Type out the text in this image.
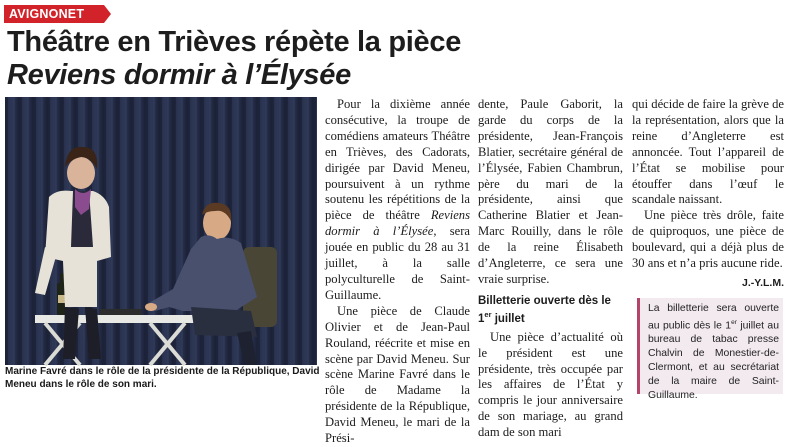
AVIGNONET
Théâtre en Trièves répète la pièce
Reviens dormir à l’Élysée
Marine Favré dans le rôle de la présidente de la République, David Meneu dans le rôle de son mari.

Pour la dixième année consécutive, la troupe de comédiens amateurs Théâtre en Trièves, des Cadorats, dirigée par David Meneu, poursuivent à un rythme soutenu les répétitions de la pièce de théâtre Reviens dormir à l’Élysée, sera jouée en public du 28 au 31 juillet, à la salle polyculturelle de Saint-Guillaume.

Une pièce de Claude Olivier et de Jean-Paul Rouland, réécrite et mise en scène par David Meneu. Sur scène Marine Favré dans le rôle de Madame la présidente de la République, David Meneu, le mari de la Prési-

dente, Paule Gaborit, la garde du corps de la présidente, Jean-François Blatier, secrétaire général de l’Élysée, Fabien Chambrun, père du mari de la présidente, ainsi que Catherine Blatier et Jean-Marc Rouilly, dans le rôle de la reine Élisabeth d’Angleterre, ce sera une vraie surprise.

Billetterie ouverte dès le 1er juillet

Une pièce d’actualité où le président est une présidente, très occupée par les affaires de l’État y compris le jour anniversaire de son mariage, au grand dam de son mari

qui décide de faire la grève de la représentation, alors que la reine d’Angleterre est annoncée. Tout l’appareil de l’État se mobilise pour étouffer dans l’œuf le scandale naissant.

Une pièce très drôle, faite de quiproquos, une pièce de boulevard, qui a déjà plus de 30 ans et n’a pris aucune ride.

J.-Y.L.M.

La billetterie sera ouverte au public dès le 1er juillet au bureau de tabac presse Chalvin de Monestier-de-Clermont, et au secrétariat de la maire de Saint-Guillaume.
